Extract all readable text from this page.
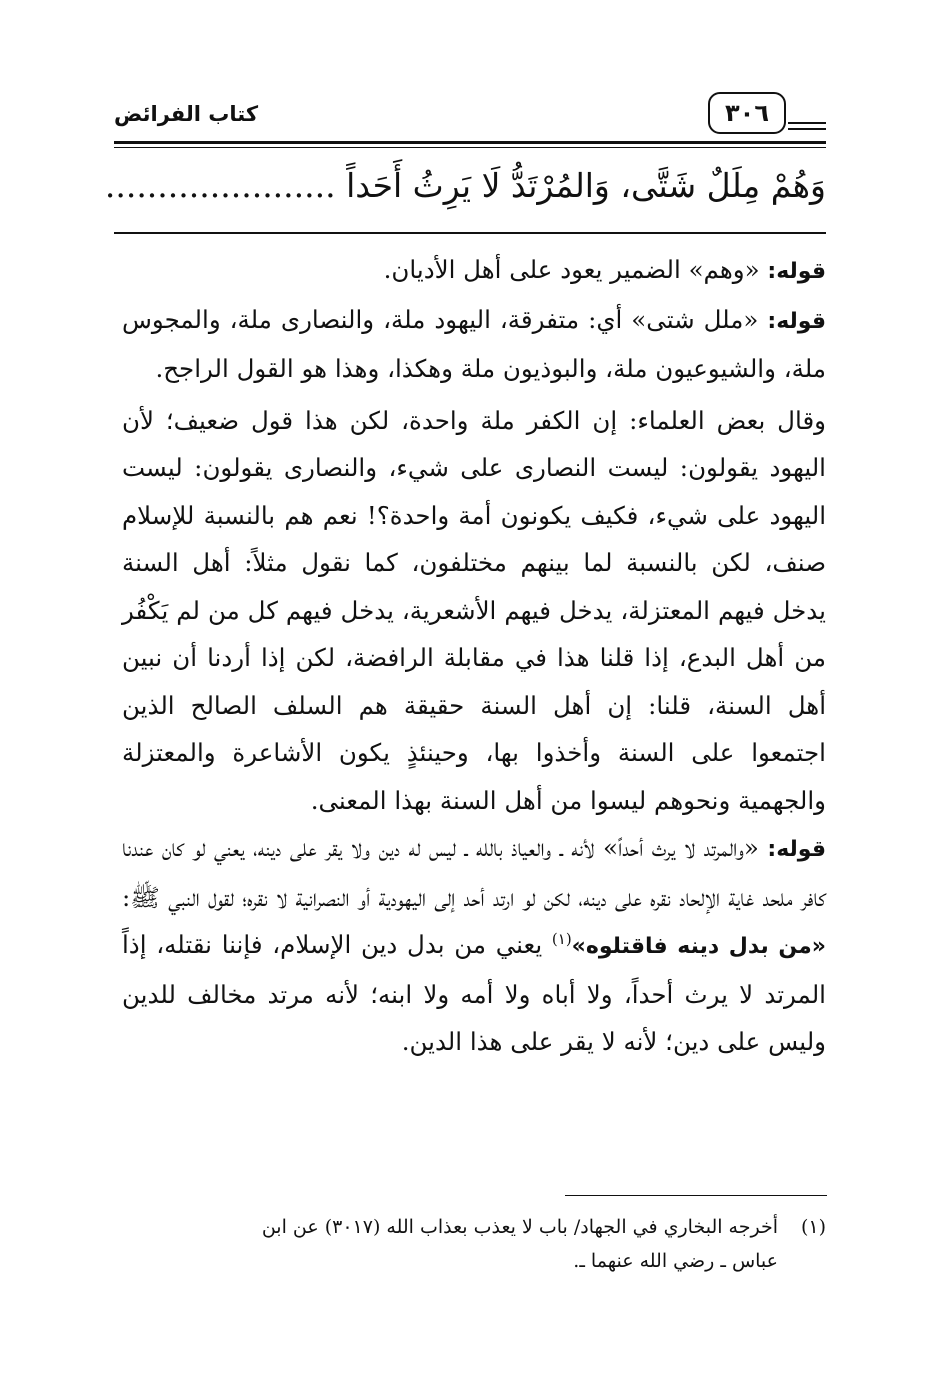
كتاب الفرائض	٣٠٦
وَهُمْ مِلَلٌ شَتَّى، وَالمُرْتَدُّ لَا يَرِثُ أَحَداً ......................

قوله: «وهم» الضمير يعود على أهل الأديان.

قوله: «ملل شتى» أي: متفرقة، اليهود ملة، والنصارى ملة، والمجوس ملة، والشيوعيون ملة، والبوذيون ملة وهكذا، وهذا هو القول الراجح.

وقال بعض العلماء: إن الكفر ملة واحدة، لكن هذا قول ضعيف؛ لأن اليهود يقولون: ليست النصارى على شيء، والنصارى يقولون: ليست اليهود على شيء، فكيف يكونون أمة واحدة؟! نعم هم بالنسبة للإسلام صنف، لكن بالنسبة لما بينهم مختلفون، كما نقول مثلاً: أهل السنة يدخل فيهم المعتزلة، يدخل فيهم الأشعرية، يدخل فيهم كل من لم يَكْفُر من أهل البدع، إذا قلنا هذا في مقابلة الرافضة، لكن إذا أردنا أن نبين أهل السنة، قلنا: إن أهل السنة حقيقة هم السلف الصالح الذين اجتمعوا على السنة وأخذوا بها، وحينئذٍ يكون الأشاعرة والمعتزلة والجهمية ونحوهم ليسوا من أهل السنة بهذا المعنى.

قوله: «والمرتد لا يرث أحداً» لأنه ـ والعياذ بالله ـ ليس له دين ولا يقر على دينه، يعني لو كان عندنا كافر ملحد غاية الإلحاد نقره على دينه، لكن لو ارتد أحد إلى اليهودية أو النصرانية لا نقره؛ لقول النبي ﷺ: «من بدل دينه فاقتلوه»$^{(١)}$ يعني من بدل دين الإسلام، فإننا نقتله، إذاً المرتد لا يرث أحداً، ولا أباه ولا أمه ولا ابنه؛ لأنه مرتد مخالف للدين وليس على دين؛ لأنه لا يقر على هذا الدين.

(١)أخرجه البخاري في الجهاد/ باب لا يعذب بعذاب الله (٣٠١٧) عن ابن
عباس ـ رضي الله عنهما ـ.
